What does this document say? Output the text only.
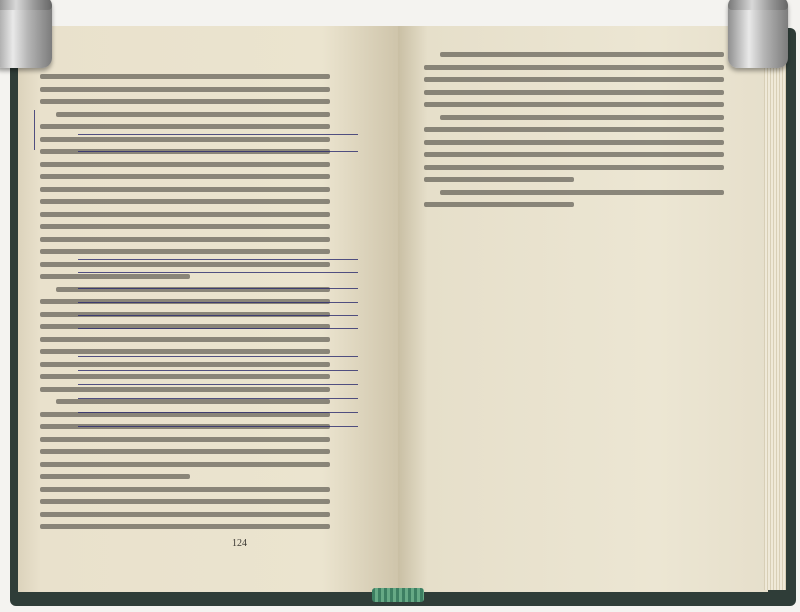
124
